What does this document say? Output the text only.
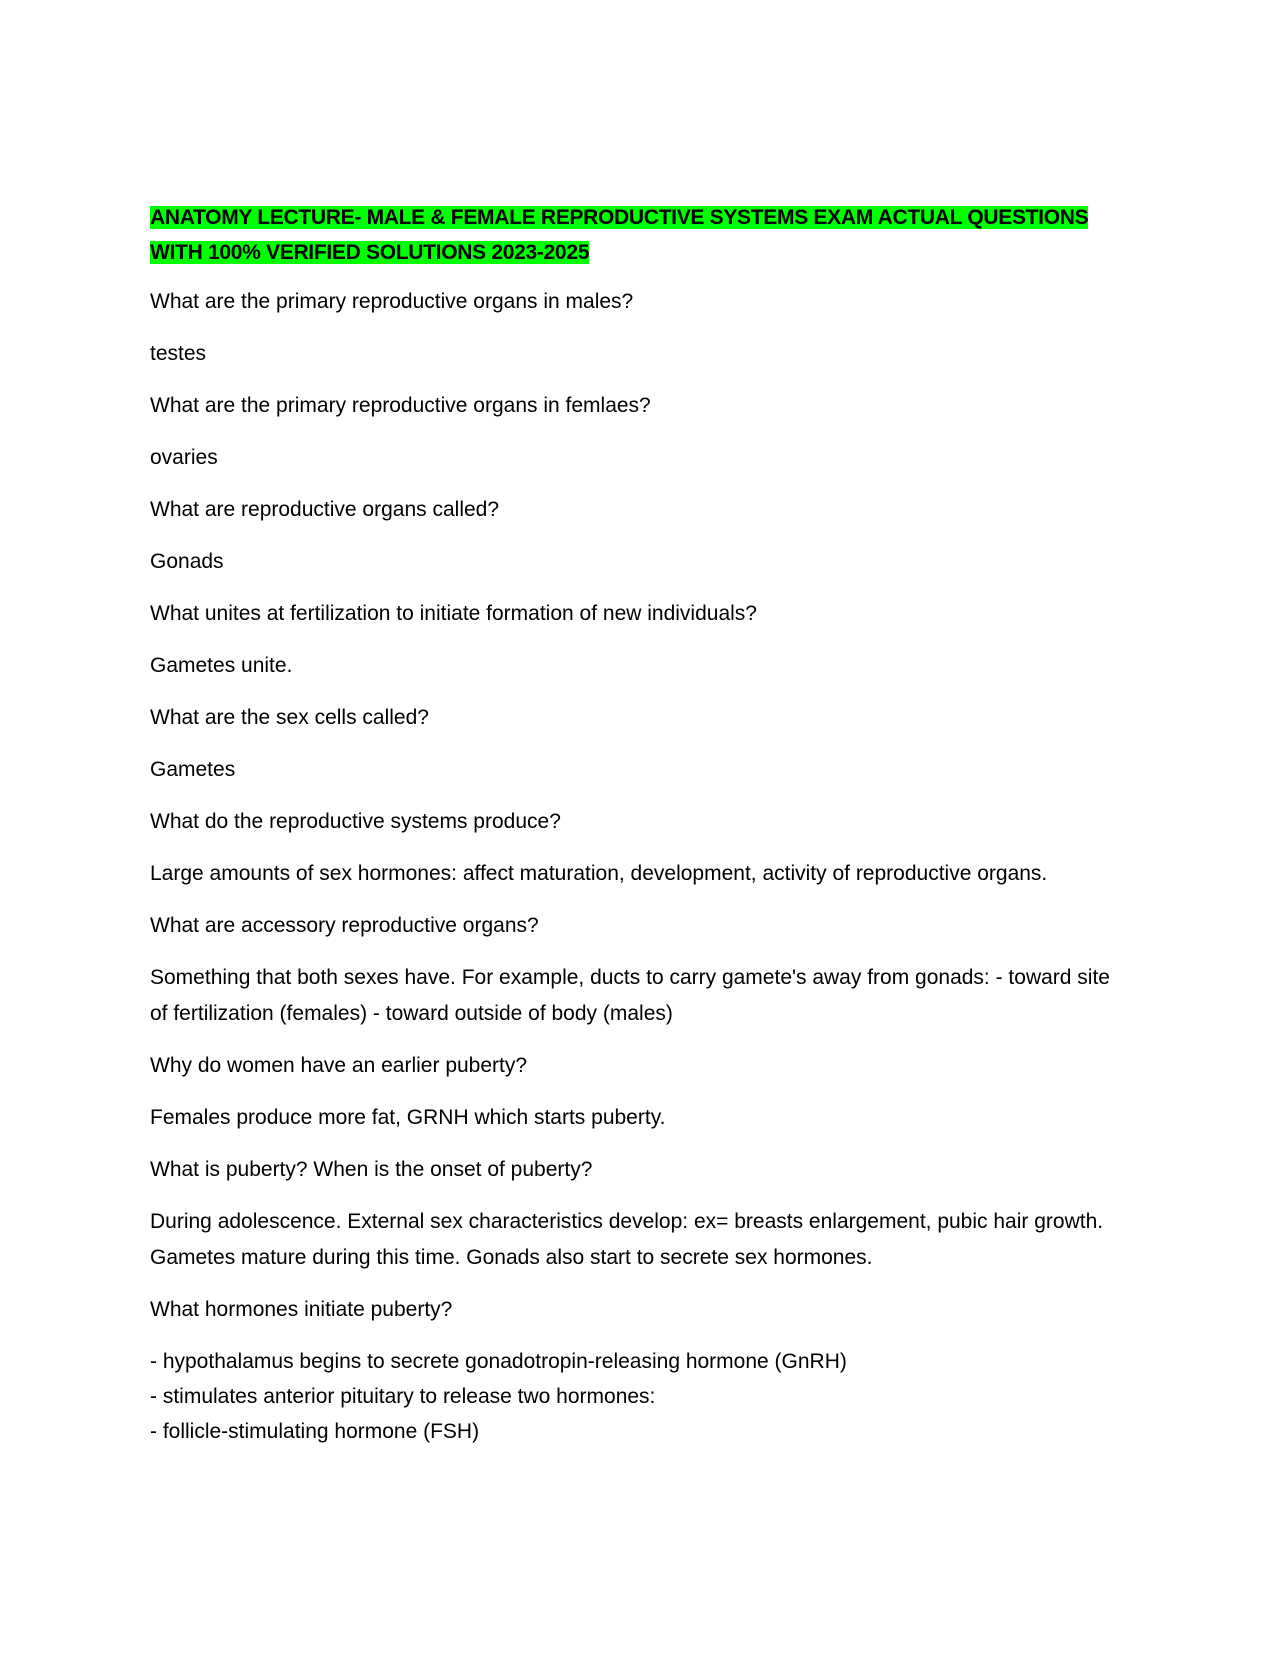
ANATOMY LECTURE- MALE & FEMALE REPRODUCTIVE SYSTEMS EXAM ACTUAL QUESTIONS
WITH 100% VERIFIED SOLUTIONS 2023-2025

What are the primary reproductive organs in males?

testes

What are the primary reproductive organs in femlaes?

ovaries

What are reproductive organs called?

Gonads

What unites at fertilization to initiate formation of new individuals?

Gametes unite.

What are the sex cells called?

Gametes

What do the reproductive systems produce?

Large amounts of sex hormones: affect maturation, development, activity of reproductive organs.

What are accessory reproductive organs?

Something that both sexes have. For example, ducts to carry gamete's away from gonads: - toward site of fertilization (females) - toward outside of body (males)

Why do women have an earlier puberty?

Females produce more fat, GRNH which starts puberty.

What is puberty? When is the onset of puberty?

During adolescence. External sex characteristics develop: ex= breasts enlargement, pubic hair growth. Gametes mature during this time. Gonads also start to secrete sex hormones.

What hormones initiate puberty?

- hypothalamus begins to secrete gonadotropin-releasing hormone (GnRH)

- stimulates anterior pituitary to release two hormones:

- follicle-stimulating hormone (FSH)
